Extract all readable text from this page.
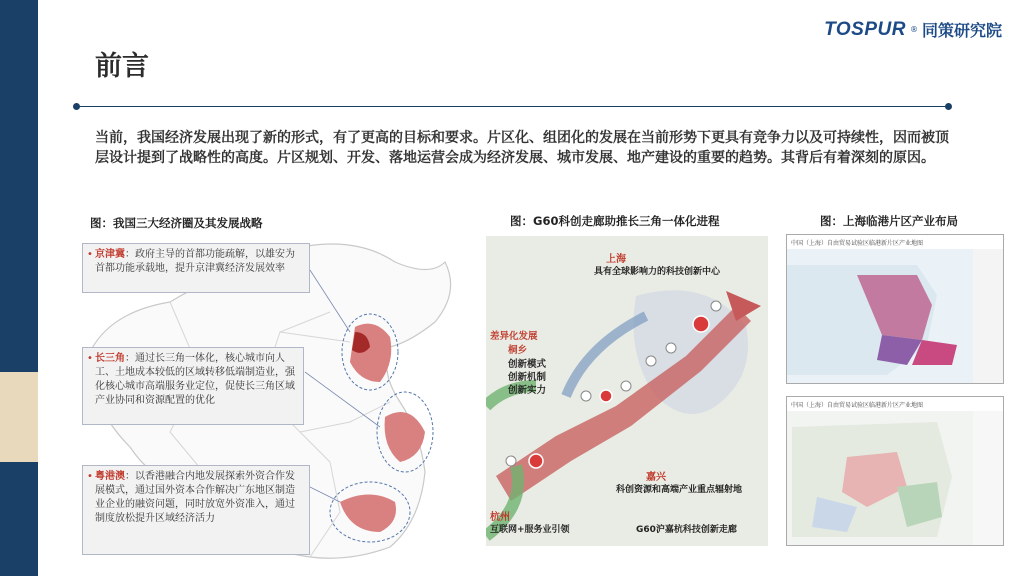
TOSPUR ® 同策研究院
前言
当前，我国经济发展出现了新的形式，有了更高的目标和要求。片区化、组团化的发展在当前形势下更具有竞争力以及可持续性，因而被顶层设计提到了战略性的高度。片区规划、开发、落地运营会成为经济发展、城市发展、地产建设的重要的趋势。其背后有着深刻的原因。
图：我国三大经济圈及其发展战略
• 京津冀：政府主导的首都功能疏解，以雄安为首都功能承载地，提升京津冀经济发展效率
• 长三角：通过长三角一体化，核心城市向人工、土地成本较低的区域转移低端制造业，强化核心城市高端服务业定位，促使长三角区域产业协同和资源配置的优化
• 粤港澳：以香港融合内地发展探索外资合作发展模式，通过国外资本合作解决广东地区制造业企业的融资问题，同时放宽外资准入，通过制度放松提升区域经济活力
图：G60科创走廊助推长三角一体化进程
上海
具有全球影响力的科技创新中心
差异化发展
桐乡
创新模式
创新机制
创新实力
嘉兴
科创资源和高端产业重点辐射地
杭州
互联网+服务业引领	G60沪嘉杭科技创新走廊
图：上海临港片区产业布局
中国（上海）自由贸易试验区临港新片区产业地图
中国（上海）自由贸易试验区临港新片区产业地图
